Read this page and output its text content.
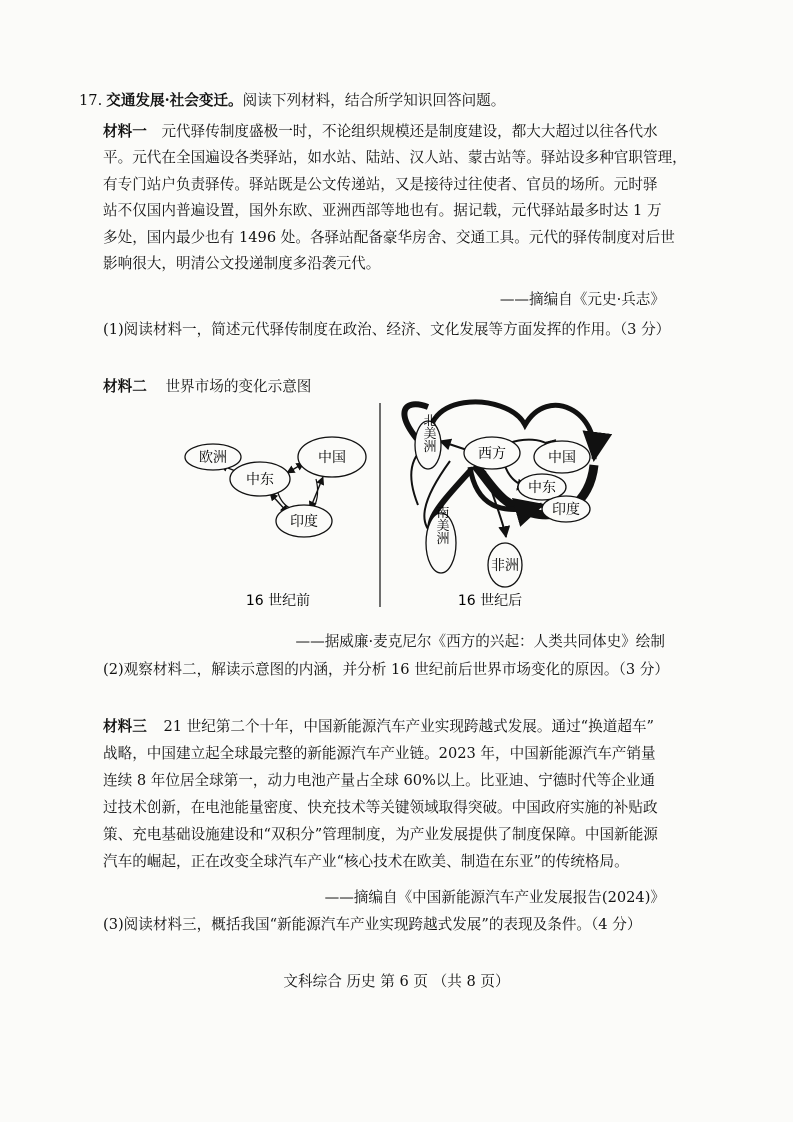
17. 交通发展·社会变迁。阅读下列材料，结合所学知识回答问题。
材料一 元代驿传制度盛极一时，不论组织规模还是制度建设，都大大超过以往各代水
平。元代在全国遍设各类驿站，如水站、陆站、汉人站、蒙古站等。驿站设多种官职管理，
有专门站户负责驿传。驿站既是公文传递站，又是接待过往使者、官员的场所。元时驿
站不仅国内普遍设置，国外东欧、亚洲西部等地也有。据记载，元代驿站最多时达 1 万
多处，国内最少也有 1496 处。各驿站配备豪华房舍、交通工具。元代的驿传制度对后世
影响很大，明清公文投递制度多沿袭元代。
——摘编自《元史·兵志》
(1)阅读材料一，简述元代驿传制度在政治、经济、文化发展等方面发挥的作用。（3 分）
材料二 世界市场的变化示意图
欧洲
中东
中国
印度
16 世纪前
北美洲
西方	中国
中东
印度
南美洲
非洲
16 世纪后
——据威廉·麦克尼尔《西方的兴起：人类共同体史》绘制
(2)观察材料二，解读示意图的内涵，并分析 16 世纪前后世界市场变化的原因。（3 分）
材料三 21 世纪第二个十年，中国新能源汽车产业实现跨越式发展。通过“换道超车”
战略，中国建立起全球最完整的新能源汽车产业链。2023 年，中国新能源汽车产销量
连续 8 年位居全球第一，动力电池产量占全球 60%以上。比亚迪、宁德时代等企业通
过技术创新，在电池能量密度、快充技术等关键领域取得突破。中国政府实施的补贴政
策、充电基础设施建设和“双积分”管理制度，为产业发展提供了制度保障。中国新能源
汽车的崛起，正在改变全球汽车产业“核心技术在欧美、制造在东亚”的传统格局。
——摘编自《中国新能源汽车产业发展报告(2024)》
(3)阅读材料三，概括我国“新能源汽车产业实现跨越式发展”的表现及条件。（4 分）
文科综合 历史 第 6 页 （共 8 页）
